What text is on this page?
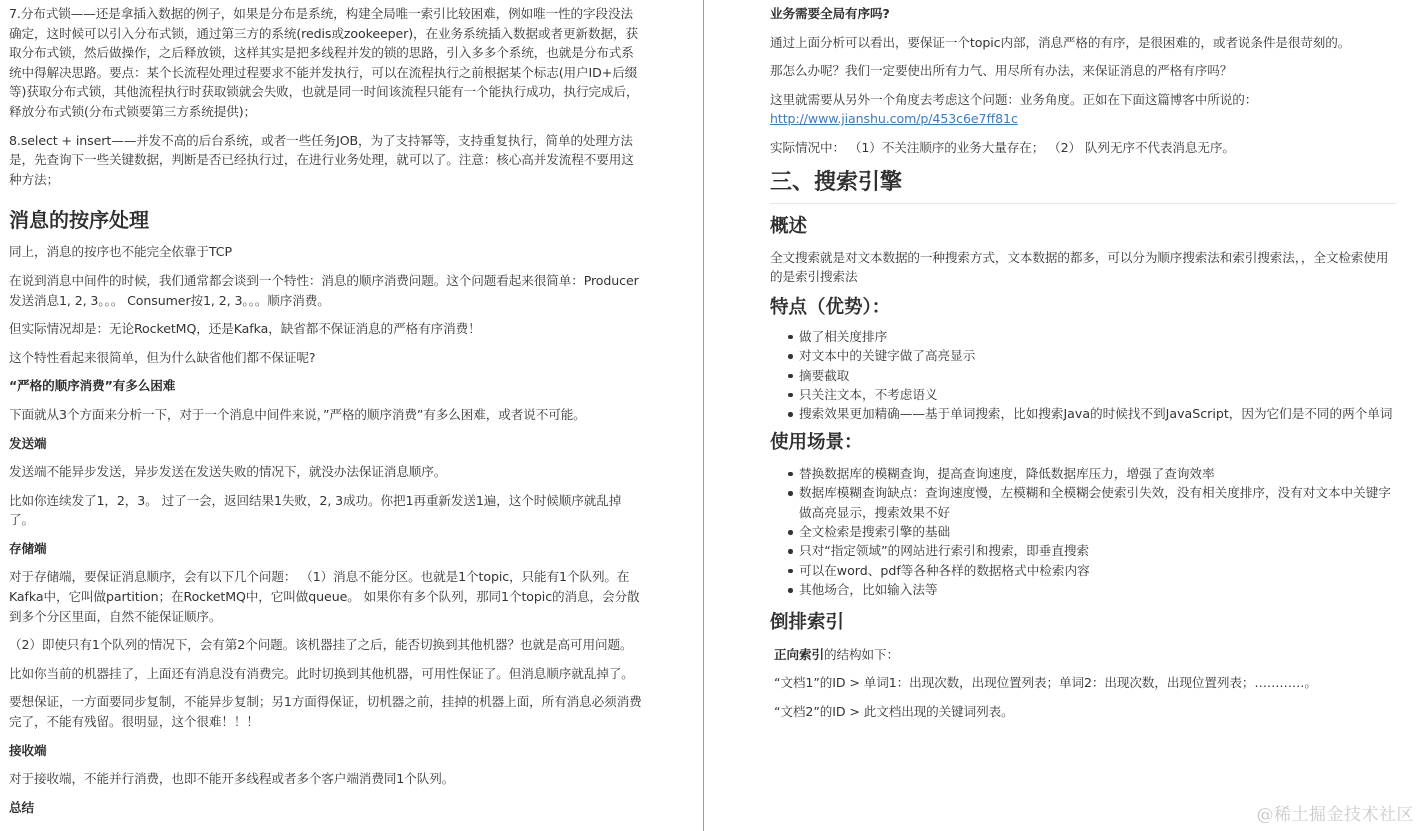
7.分布式锁——还是拿插入数据的例子，如果是分布是系统，构建全局唯一索引比较困难，例如唯一性的字段没法确定，这时候可以引入分布式锁，通过第三方的系统(redis或zookeeper)，在业务系统插入数据或者更新数据，获取分布式锁，然后做操作，之后释放锁，这样其实是把多线程并发的锁的思路，引入多多个系统，也就是分布式系统中得解决思路。要点：某个长流程处理过程要求不能并发执行，可以在流程执行之前根据某个标志(用户ID+后缀等)获取分布式锁，其他流程执行时获取锁就会失败，也就是同一时间该流程只能有一个能执行成功，执行完成后，释放分布式锁(分布式锁要第三方系统提供)；

8.select + insert——并发不高的后台系统，或者一些任务JOB，为了支持幂等，支持重复执行，简单的处理方法是，先查询下一些关键数据，判断是否已经执行过，在进行业务处理，就可以了。注意：核心高并发流程不要用这种方法；

消息的按序处理

同上，消息的按序也不能完全依靠于TCP

在说到消息中间件的时候，我们通常都会谈到一个特性：消息的顺序消费问题。这个问题看起来很简单：Producer发送消息1, 2, 3。。。 Consumer按1, 2, 3。。。顺序消费。

但实际情况却是：无论RocketMQ，还是Kafka，缺省都不保证消息的严格有序消费！

这个特性看起来很简单，但为什么缺省他们都不保证呢?

“严格的顺序消费”有多么困难

下面就从3个方面来分析一下，对于一个消息中间件来说，”严格的顺序消费”有多么困难，或者说不可能。

发送端

发送端不能异步发送，异步发送在发送失败的情况下，就没办法保证消息顺序。

比如你连续发了1，2，3。 过了一会，返回结果1失败，2, 3成功。你把1再重新发送1遍，这个时候顺序就乱掉了。

存储端

对于存储端，要保证消息顺序，会有以下几个问题： （1）消息不能分区。也就是1个topic，只能有1个队列。在Kafka中，它叫做partition；在RocketMQ中，它叫做queue。 如果你有多个队列，那同1个topic的消息，会分散到多个分区里面，自然不能保证顺序。

（2）即使只有1个队列的情况下，会有第2个问题。该机器挂了之后，能否切换到其他机器？也就是高可用问题。

比如你当前的机器挂了，上面还有消息没有消费完。此时切换到其他机器，可用性保证了。但消息顺序就乱掉了。

要想保证，一方面要同步复制，不能异步复制；另1方面得保证，切机器之前，挂掉的机器上面，所有消息必须消费完了，不能有残留。很明显，这个很难！！！

接收端

对于接收端，不能并行消费，也即不能开多线程或者多个客户端消费同1个队列。

总结

业务需要全局有序吗?

通过上面分析可以看出，要保证一个topic内部，消息严格的有序，是很困难的，或者说条件是很苛刻的。

那怎么办呢？我们一定要使出所有力气、用尽所有办法，来保证消息的严格有序吗？

这里就需要从另外一个角度去考虑这个问题：业务角度。正如在下面这篇博客中所说的：

http://www.jianshu.com/p/453c6e7ff81c

实际情况中： （1）不关注顺序的业务大量存在； （2） 队列无序不代表消息无序。

三、搜索引擎
概述

全文搜索就是对文本数据的一种搜索方式，文本数据的都多，可以分为顺序搜索法和索引搜索法，，全文检索使用的是索引搜索法

特点（优势）：
做了相关度排序
对文本中的关键字做了高亮显示
摘要截取
只关注文本，不考虑语义
搜索效果更加精确——基于单词搜索，比如搜索Java的时候找不到JavaScript，因为它们是不同的两个单词
使用场景：
替换数据库的模糊查询，提高查询速度，降低数据库压力，增强了查询效率
数据库模糊查询缺点：查询速度慢，左模糊和全模糊会使索引失效，没有相关度排序，没有对文本中关键字做高亮显示，搜索效果不好
全文检索是搜索引擎的基础
只对“指定领域”的网站进行索引和搜索，即垂直搜索
可以在word、pdf等各种各样的数据格式中检索内容
其他场合，比如输入法等
倒排索引

正向索引的结构如下：

“文档1”的ID > 单词1：出现次数，出现位置列表；单词2：出现次数，出现位置列表；…………。

“文档2”的ID > 此文档出现的关键词列表。

@稀土掘金技术社区
